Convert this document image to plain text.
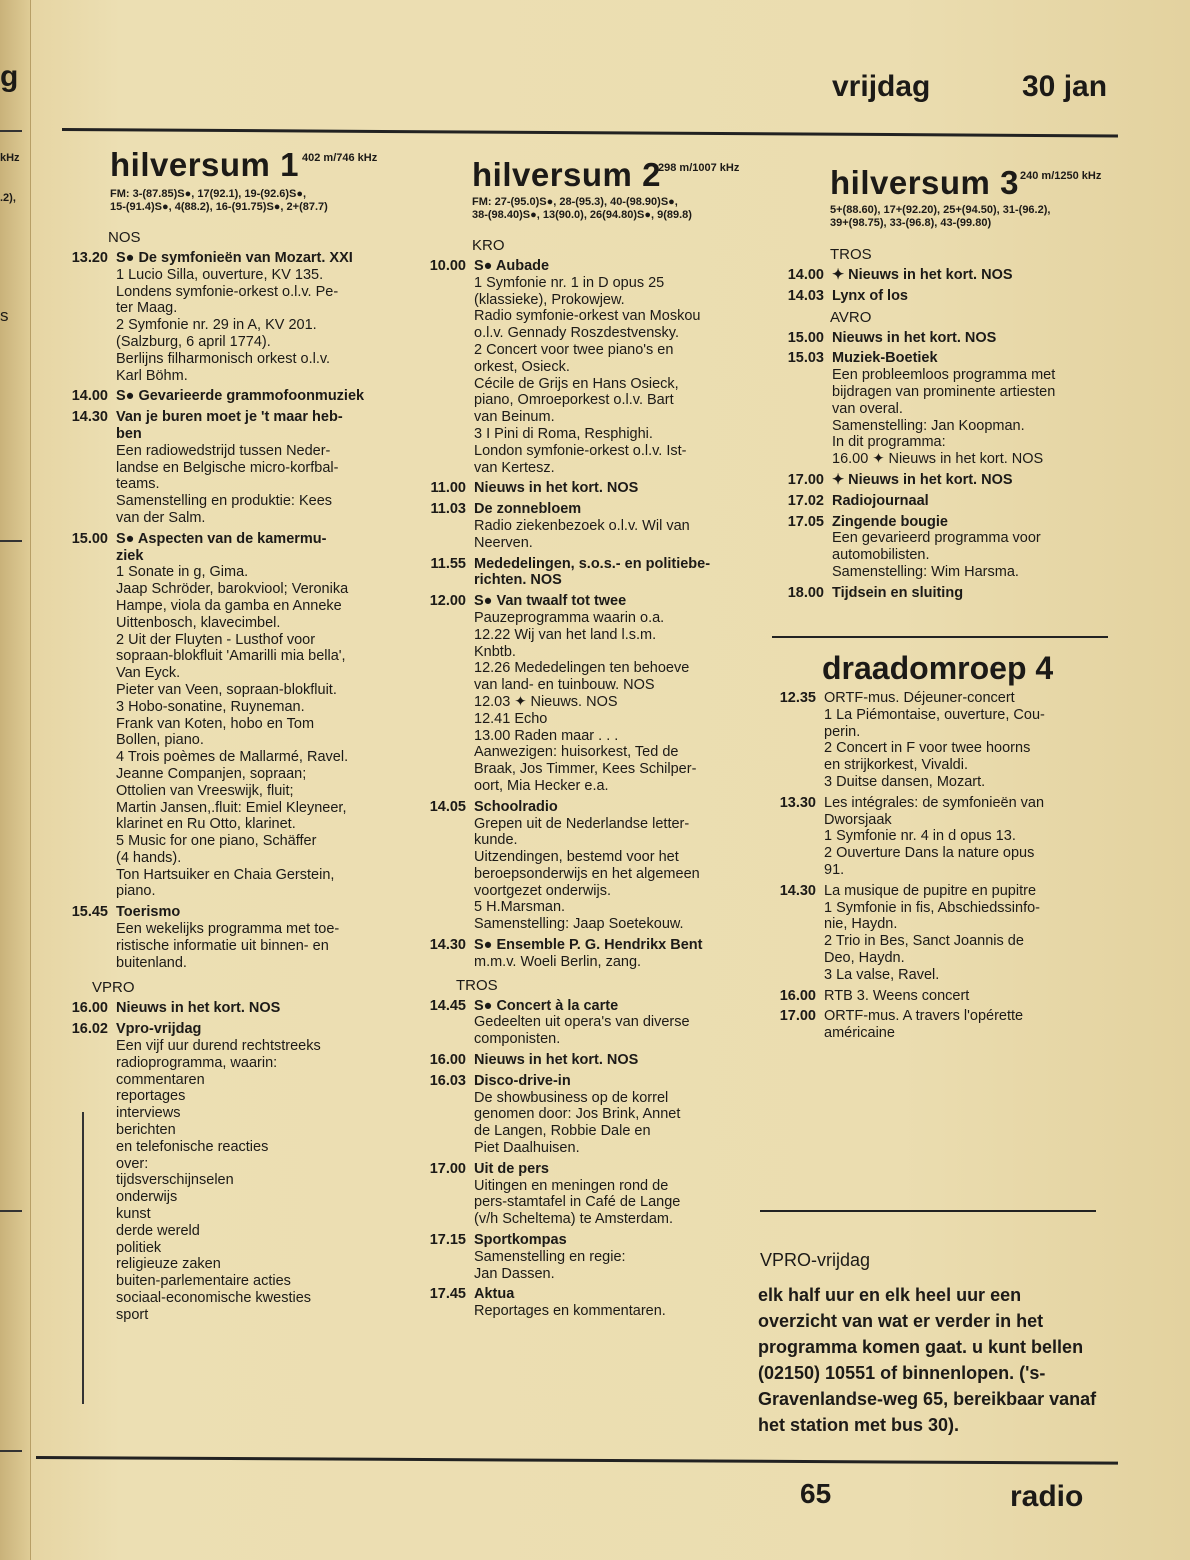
g
kHz
.2),
s
vrijdag	30 jan
hilversum 1 402 m/746 kHz
FM: 3-(87.85)S●, 17(92.1), 19-(92.6)S●,
15-(91.4)S●, 4(88.2), 16-(91.75)S●, 2+(87.7)
NOS
13.20 S● De symfonieën van Mozart. XXI
1 Lucio Silla, ouverture, KV 135.
Londens symfonie-orkest o.l.v. Pe-
ter Maag.
2 Symfonie nr. 29 in A, KV 201.
(Salzburg, 6 april 1774).
Berlijns filharmonisch orkest o.l.v.
Karl Böhm.
14.00 S● Gevarieerde grammofoonmuziek
14.30 Van je buren moet je 't maar heb-
ben
Een radiowedstrijd tussen Neder-
landse en Belgische micro-korfbal-
teams.
Samenstelling en produktie: Kees
van der Salm.
15.00 S● Aspecten van de kamermu-
ziek
1 Sonate in g, Gima.
Jaap Schröder, barokviool; Veronika
Hampe, viola da gamba en Anneke
Uittenbosch, klavecimbel.
2 Uit der Fluyten - Lusthof voor
sopraan-blokfluit 'Amarilli mia bella',
Van Eyck.
Pieter van Veen, sopraan-blokfluit.
3 Hobo-sonatine, Ruyneman.
Frank van Koten, hobo en Tom
Bollen, piano.
4 Trois poèmes de Mallarmé, Ravel.
Jeanne Companjen, sopraan;
Ottolien van Vreeswijk, fluit;
Martin Jansen,.fluit: Emiel Kleyneer,
klarinet en Ru Otto, klarinet.
5 Music for one piano, Schäffer
(4 hands).
Ton Hartsuiker en Chaia Gerstein,
piano.
15.45 Toerismo
Een wekelijks programma met toe-
ristische informatie uit binnen- en
buitenland.
VPRO
16.00 Nieuws in het kort. NOS
16.02 Vpro-vrijdag
Een vijf uur durend rechtstreeks
radioprogramma, waarin:
commentaren
reportages
interviews
berichten
en telefonische reacties
over:
tijdsverschijnselen
onderwijs
kunst
derde wereld
politiek
religieuze zaken
buiten-parlementaire acties
sociaal-economische kwesties
sport
hilversum 2
298 m/1007 kHz
FM: 27-(95.0)S●, 28-(95.3), 40-(98.90)S●,
38-(98.40)S●, 13(90.0), 26(94.80)S●, 9(89.8)
KRO
10.00 S● Aubade
1 Symfonie nr. 1 in D opus 25
(klassieke), Prokowjew.
Radio symfonie-orkest van Moskou
o.l.v. Gennady Roszdestvensky.
2 Concert voor twee piano's en
orkest, Osieck.
Cécile de Grijs en Hans Osieck,
piano, Omroeporkest o.l.v. Bart
van Beinum.
3 I Pini di Roma, Resphighi.
London symfonie-orkest o.l.v. Ist-
van Kertesz.
11.00 Nieuws in het kort. NOS
11.03 De zonnebloem
Radio ziekenbezoek o.l.v. Wil van
Neerven.
11.55 Mededelingen, s.o.s.- en politiebe-
richten. NOS
12.00 S● Van twaalf tot twee
Pauzeprogramma waarin o.a.
12.22 Wij van het land l.s.m.
Knbtb.
12.26 Mededelingen ten behoeve
van land- en tuinbouw. NOS
12.03 ✦ Nieuws. NOS
12.41 Echo
13.00 Raden maar . . .
Aanwezigen: huisorkest, Ted de
Braak, Jos Timmer, Kees Schilper-
oort, Mia Hecker e.a.
14.05 Schoolradio
Grepen uit de Nederlandse letter-
kunde.
Uitzendingen, bestemd voor het
beroepsonderwijs en het algemeen
voortgezet onderwijs.
5 H.Marsman.
Samenstelling: Jaap Soetekouw.
14.30 S● Ensemble P. G. Hendrikx Bent
m.m.v. Woeli Berlin, zang.
TROS
14.45 S● Concert à la carte
Gedeelten uit opera's van diverse
componisten.
16.00 Nieuws in het kort. NOS
16.03 Disco-drive-in
De showbusiness op de korrel
genomen door: Jos Brink, Annet
de Langen, Robbie Dale en
Piet Daalhuisen.
17.00 Uit de pers
Uitingen en meningen rond de
pers-stamtafel in Café de Lange
(v/h Scheltema) te Amsterdam.
17.15 Sportkompas
Samenstelling en regie:
Jan Dassen.
17.45 Aktua
Reportages en kommentaren.
hilversum 3 240 m/1250 kHz
5+(88.60), 17+(92.20), 25+(94.50), 31-(96.2),
39+(98.75), 33-(96.8), 43-(99.80)
TROS
14.00 ✦ Nieuws in het kort. NOS
14.03 Lynx of los
AVRO
15.00 Nieuws in het kort. NOS
15.03 Muziek-Boetiek
Een probleemloos programma met
bijdragen van prominente artiesten
van overal.
Samenstelling: Jan Koopman.
In dit programma:
16.00 ✦ Nieuws in het kort. NOS
17.00 ✦ Nieuws in het kort. NOS
17.02 Radiojournaal
17.05 Zingende bougie
Een gevarieerd programma voor
automobilisten.
Samenstelling: Wim Harsma.
18.00 Tijdsein en sluiting
draadomroep 4
12.35 ORTF-mus. Déjeuner-concert
1 La Piémontaise, ouverture, Cou-
perin.
2 Concert in F voor twee hoorns
en strijkorkest, Vivaldi.
3 Duitse dansen, Mozart.
13.30 Les intégrales: de symfonieën van
Dworsjaak
1 Symfonie nr. 4 in d opus 13.
2 Ouverture Dans la nature opus
91.
14.30 La musique de pupitre en pupitre
1 Symfonie in fis, Abschiedssinfo-
nie, Haydn.
2 Trio in Bes, Sanct Joannis de
Deo, Haydn.
3 La valse, Ravel.
16.00 RTB 3. Weens concert
17.00 ORTF-mus. A travers l'opérette
américaine
VPRO-vrijdag
elk half uur en elk heel uur een overzicht van wat er verder in het programma komen gaat. u kunt bellen (02150) 10551 of binnenlopen. ('s-Gravenlandse-weg 65, bereikbaar vanaf het station met bus 30).
65	radio
